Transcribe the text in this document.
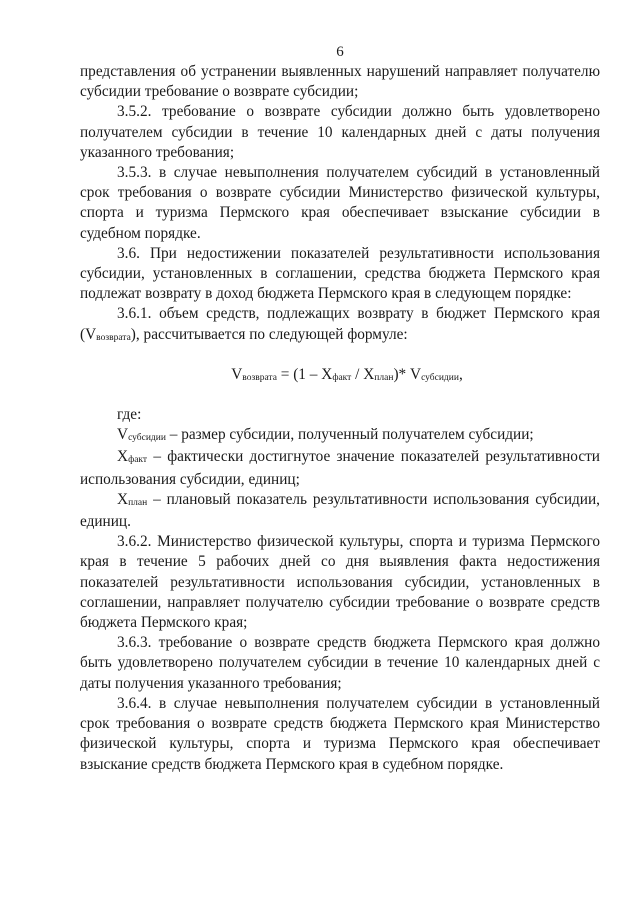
6

представления об устранении выявленных нарушений направляет получателю субсидии требование о возврате субсидии;

3.5.2. требование о возврате субсидии должно быть удовлетворено получателем субсидии в течение 10 календарных дней с даты получения указанного требования;

3.5.3. в случае невыполнения получателем субсидий в установленный срок требования о возврате субсидии Министерство физической культуры, спорта и туризма Пермского края обеспечивает взыскание субсидии в судебном порядке.

3.6. При недостижении показателей результативности использования субсидии, установленных в соглашении, средства бюджета Пермского края подлежат возврату в доход бюджета Пермского края в следующем порядке:

3.6.1. объем средств, подлежащих возврату в бюджет Пермского края (Vвозврата), рассчитывается по следующей формуле:

Vвозврата = (1 – Xфакт / Xплан)* Vсубсидии,

где:

Vсубсидии – размер субсидии, полученный получателем субсидии;

Xфакт – фактически достигнутое значение показателей результативности использования субсидии, единиц;

Xплан – плановый показатель результативности использования субсидии, единиц.

3.6.2. Министерство физической культуры, спорта и туризма Пермского края в течение 5 рабочих дней со дня выявления факта недостижения показателей результативности использования субсидии, установленных в соглашении, направляет получателю субсидии требование о возврате средств бюджета Пермского края;

3.6.3. требование о возврате средств бюджета Пермского края должно быть удовлетворено получателем субсидии в течение 10 календарных дней с даты получения указанного требования;

3.6.4. в случае невыполнения получателем субсидии в установленный срок требования о возврате средств бюджета Пермского края Министерство физической культуры, спорта и туризма Пермского края обеспечивает взыскание средств бюджета Пермского края в судебном порядке.
